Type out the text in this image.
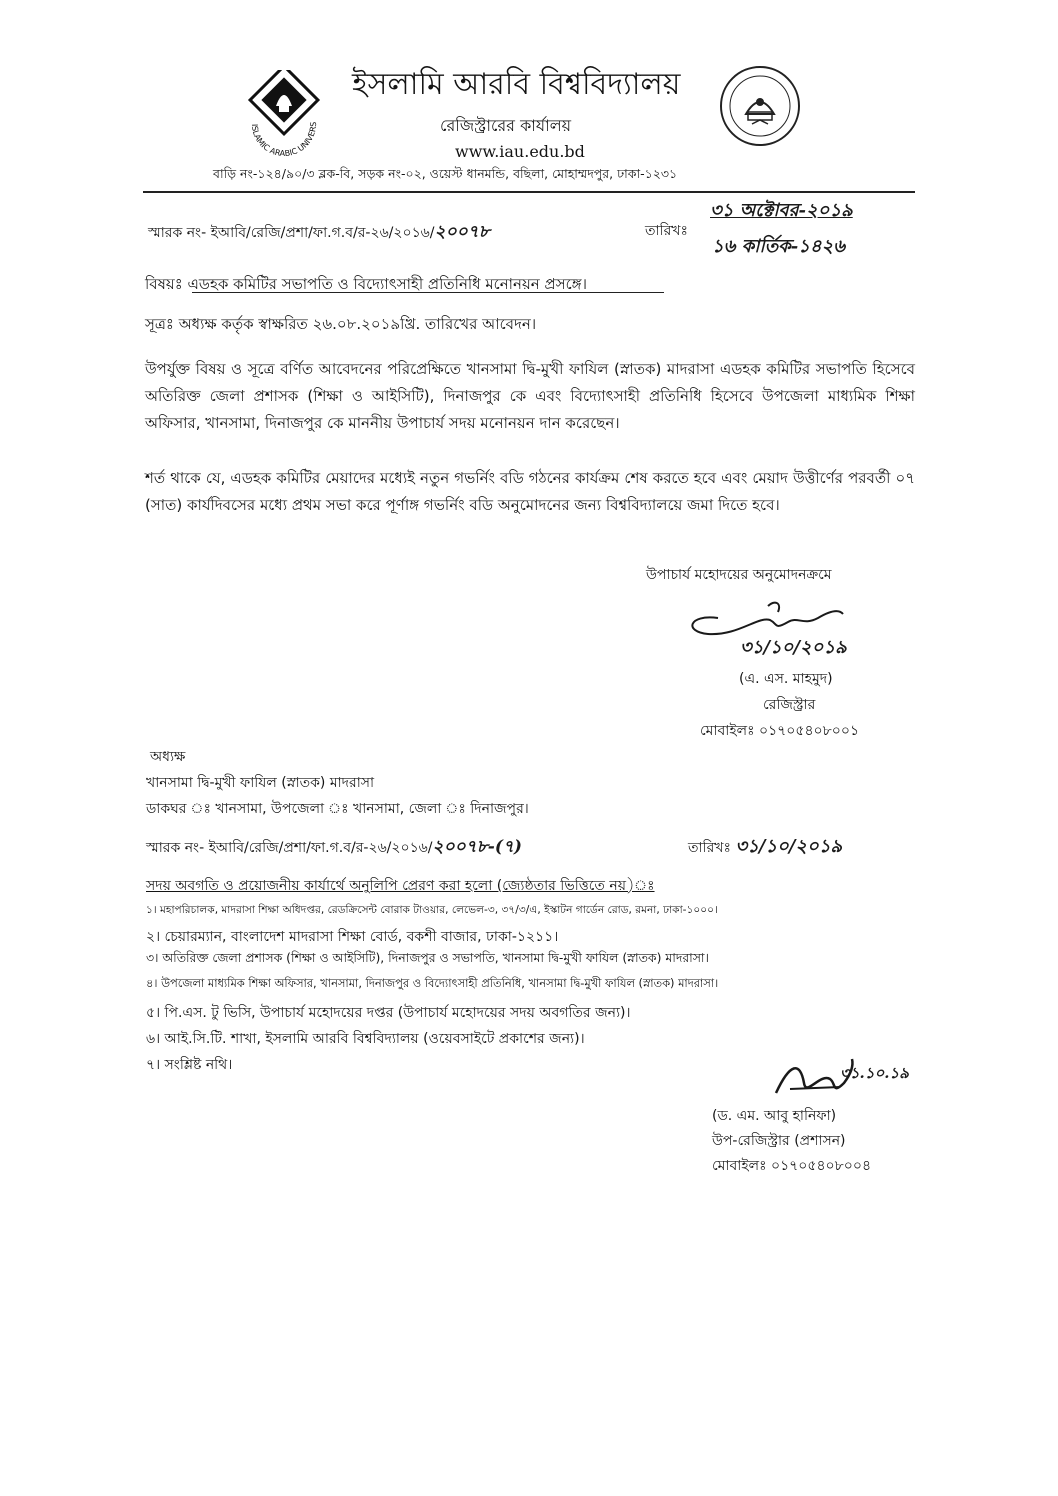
ISLAMIC ARABIC UNIVERS
ইসলামি আরবি বিশ্ববিদ্যালয়
রেজিস্ট্রারের কার্যালয়
www.iau.edu.bd
বাড়ি নং-১২৪/৯০/৩ ব্লক-বি, সড়ক নং-০২, ওয়েস্ট ধানমন্ডি, বছিলা, মোহাম্মদপুর, ঢাকা-১২৩১
স্মারক নং- ইআবি/রেজি/প্রশা/ফা.গ.ব/র-২৬/২০১৬/২০০৭৮	তারিখঃ
৩১ অক্টোবর-২০১৯
১৬ কার্তিক-১৪২৬
বিষয়ঃ এডহক কমিটির সভাপতি ও বিদ্যোৎসাহী প্রতিনিধি মনোনয়ন প্রসঙ্গে।
সূত্রঃ অধ্যক্ষ কর্তৃক স্বাক্ষরিত ২৬.০৮.২০১৯খ্রি. তারিখের আবেদন।
উপর্যুক্ত বিষয় ও সূত্রে বর্ণিত আবেদনের পরিপ্রেক্ষিতে খানসামা দ্বি-মুখী ফাযিল (স্নাতক) মাদরাসা এডহক কমিটির সভাপতি হিসেবে অতিরিক্ত জেলা প্রশাসক (শিক্ষা ও আইসিটি), দিনাজপুর কে এবং বিদ্যোৎসাহী প্রতিনিধি হিসেবে উপজেলা মাধ্যমিক শিক্ষা অফিসার, খানসামা, দিনাজপুর কে মাননীয় উপাচার্য সদয় মনোনয়ন দান করেছেন।
শর্ত থাকে যে, এডহক কমিটির মেয়াদের মধ্যেই নতুন গভর্নিং বডি গঠনের কার্যক্রম শেষ করতে হবে এবং মেয়াদ উত্তীর্ণের পরবর্তী ০৭ (সাত) কার্যদিবসের মধ্যে প্রথম সভা করে পূর্ণাঙ্গ গভর্নিং বডি অনুমোদনের জন্য বিশ্ববিদ্যালয়ে জমা দিতে হবে।
উপাচার্য মহোদয়ের অনুমোদনক্রমে
৩১/১০/২০১৯
(এ. এস. মাহমুদ)
রেজিস্ট্রার
মোবাইলঃ ০১৭০৫৪০৮০০১
অধ্যক্ষ
খানসামা দ্বি-মুখী ফাযিল (স্নাতক) মাদরাসা
ডাকঘর ঃ খানসামা, উপজেলা ঃ খানসামা, জেলা ঃ দিনাজপুর।
স্মারক নং- ইআবি/রেজি/প্রশা/ফা.গ.ব/র-২৬/২০১৬/২০০৭৮-(৭)	তারিখঃ ৩১/১০/২০১৯
সদয় অবগতি ও প্রয়োজনীয় কার্যার্থে অনুলিপি প্রেরণ করা হলো (জ্যেষ্ঠতার ভিত্তিতে নয়)ঃ
১। মহাপরিচালক, মাদরাসা শিক্ষা অধিদপ্তর, রেডক্রিসেন্ট বোরাক টাওয়ার, লেভেল-৩, ৩৭/৩/এ, ইস্কাটন গার্ডেন রোড, রমনা, ঢাকা-১০০০।
২। চেয়ারম্যান, বাংলাদেশ মাদরাসা শিক্ষা বোর্ড, বকশী বাজার, ঢাকা-১২১১।
৩। অতিরিক্ত জেলা প্রশাসক (শিক্ষা ও আইসিটি), দিনাজপুর ও সভাপতি, খানসামা দ্বি-মুখী ফাযিল (স্নাতক) মাদরাসা।
৪। উপজেলা মাধ্যমিক শিক্ষা অফিসার, খানসামা, দিনাজপুর ও বিদ্যোৎসাহী প্রতিনিধি, খানসামা দ্বি-মুখী ফাযিল (স্নাতক) মাদরাসা।
৫। পি.এস. টু ভিসি, উপাচার্য মহোদয়ের দপ্তর (উপাচার্য মহোদয়ের সদয় অবগতির জন্য)।
৬। আই.সি.টি. শাখা, ইসলামি আরবি বিশ্ববিদ্যালয় (ওয়েবসাইটে প্রকাশের জন্য)।
৭। সংশ্লিষ্ট নথি।	৩১.১০.১৯
(ড. এম. আবু হানিফা)
উপ-রেজিস্ট্রার (প্রশাসন)
মোবাইলঃ ০১৭০৫৪০৮০০৪
